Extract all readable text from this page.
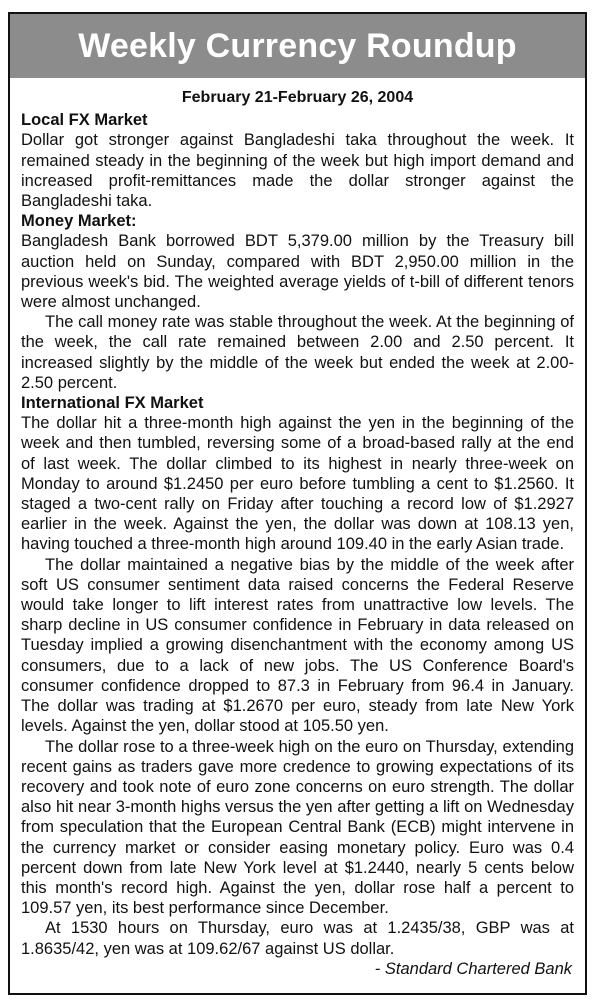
Weekly Currency Roundup

February 21-February 26, 2004

Local FX Market

Dollar got stronger against Bangladeshi taka throughout the week. It remained steady in the beginning of the week but high import demand and increased profit-remittances made the dollar stronger against the Bangladeshi taka.

Money Market:

Bangladesh Bank borrowed BDT 5,379.00 million by the Treasury bill auction held on Sunday, compared with BDT 2,950.00 million in the previous week's bid. The weighted average yields of t-bill of different tenors were almost unchanged.

The call money rate was stable throughout the week. At the beginning of the week, the call rate remained between 2.00 and 2.50 percent. It increased slightly by the middle of the week but ended the week at 2.00-2.50 percent.

International FX Market

The dollar hit a three-month high against the yen in the beginning of the week and then tumbled, reversing some of a broad-based rally at the end of last week. The dollar climbed to its highest in nearly three-week on Monday to around $1.2450 per euro before tumbling a cent to $1.2560. It staged a two-cent rally on Friday after touching a record low of $1.2927 earlier in the week. Against the yen, the dollar was down at 108.13 yen, having touched a three-month high around 109.40 in the early Asian trade.

The dollar maintained a negative bias by the middle of the week after soft US consumer sentiment data raised concerns the Federal Reserve would take longer to lift interest rates from unattractive low levels. The sharp decline in US consumer confidence in February in data released on Tuesday implied a growing disenchantment with the economy among US consumers, due to a lack of new jobs. The US Conference Board's consumer confidence dropped to 87.3 in February from 96.4 in January. The dollar was trading at $1.2670 per euro, steady from late New York levels. Against the yen, dollar stood at 105.50 yen.

The dollar rose to a three-week high on the euro on Thursday, extending recent gains as traders gave more credence to growing expectations of its recovery and took note of euro zone concerns on euro strength. The dollar also hit near 3-month highs versus the yen after getting a lift on Wednesday from speculation that the European Central Bank (ECB) might intervene in the currency market or consider easing monetary policy. Euro was 0.4 percent down from late New York level at $1.2440, nearly 5 cents below this month's record high. Against the yen, dollar rose half a percent to 109.57 yen, its best performance since December.

At 1530 hours on Thursday, euro was at 1.2435/38, GBP was at 1.8635/42, yen was at 109.62/67 against US dollar.

- Standard Chartered Bank
